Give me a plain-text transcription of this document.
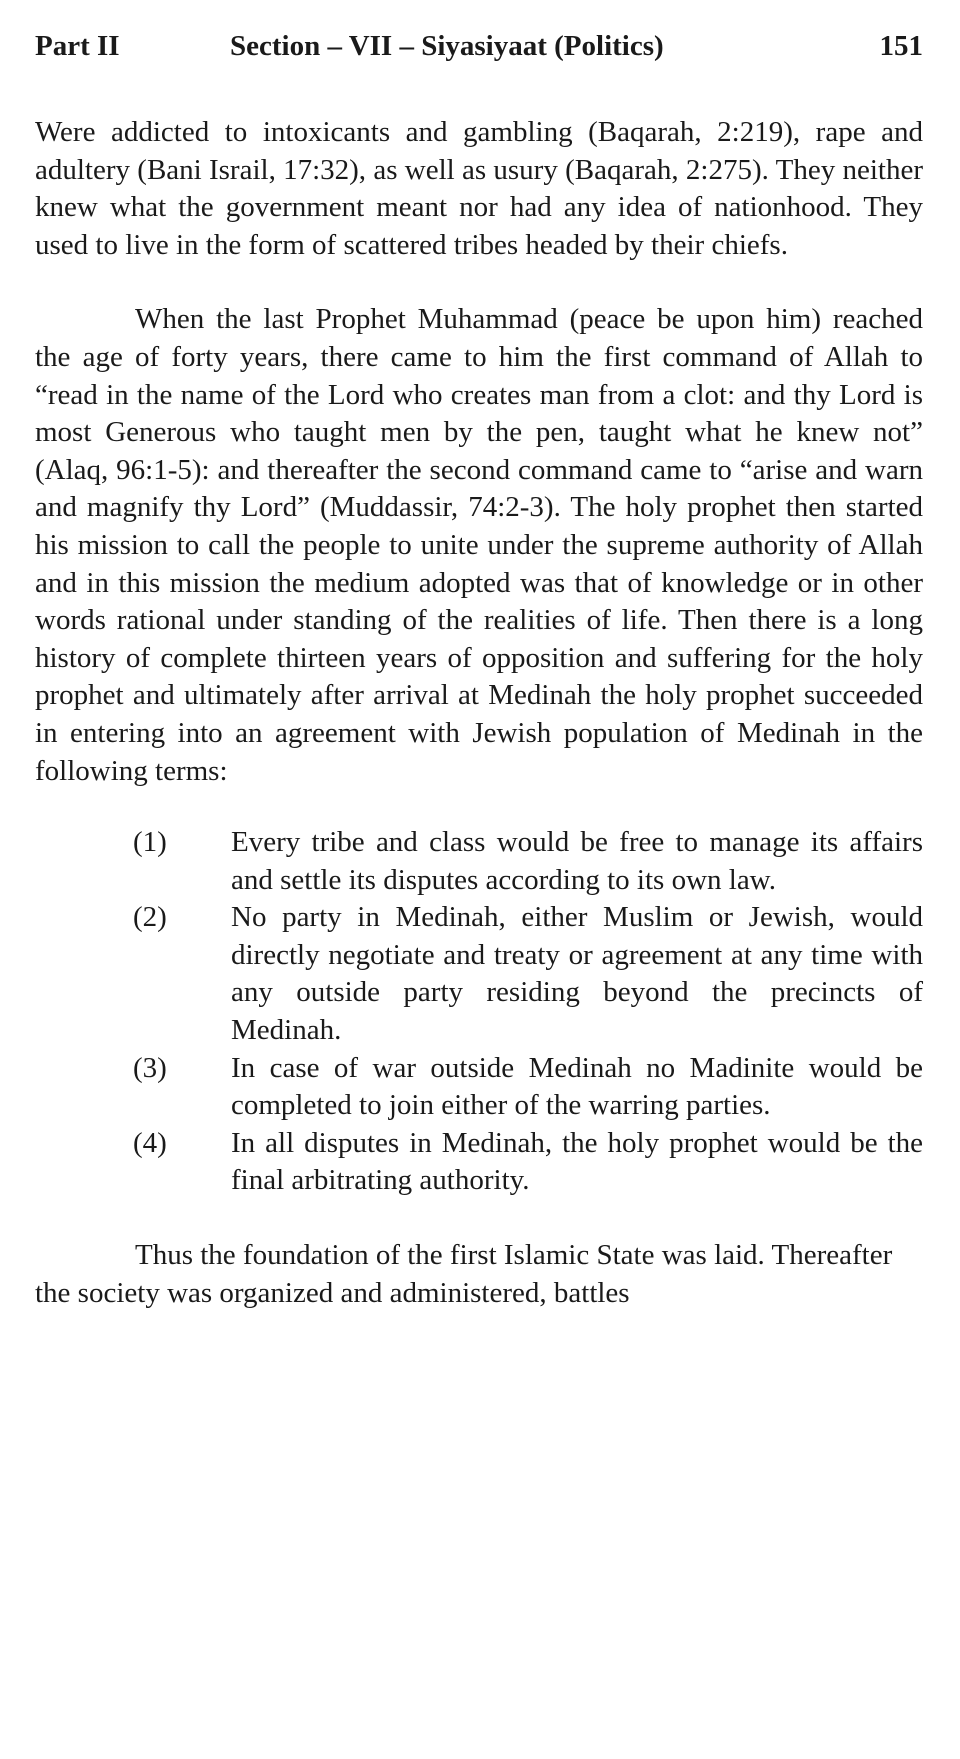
Part II	Section – VII – Siyasiyaat (Politics)	151

Were addicted to intoxicants and gambling (Baqarah, 2:219), rape and adultery (Bani Israil, 17:32), as well as usury (Baqarah, 2:275). They neither knew what the government meant nor had any idea of nationhood. They used to live in the form of scattered tribes headed by their chiefs.

When the last Prophet Muhammad (peace be upon him) reached the age of forty years, there came to him the first command of Allah to “read in the name of the Lord who creates man from a clot: and thy Lord is most Generous who taught men by the pen, taught what he knew not” (Alaq, 96:1-5): and thereafter the second command came to “arise and warn and magnify thy Lord” (Muddassir, 74:2-3). The holy prophet then started his mission to call the people to unite under the supreme authority of Allah and in this mission the medium adopted was that of knowledge or in other words rational under standing of the realities of life. Then there is a long history of complete thirteen years of opposition and suffering for the holy prophet and ultimately after arrival at Medinah the holy prophet succeeded in entering into an agreement with Jewish population of Medinah in the following terms:

(1)	Every tribe and class would be free to manage its affairs and settle its disputes according to its own law.
(2)	No party in Medinah, either Muslim or Jewish, would directly negotiate and treaty or agreement at any time with any outside party residing beyond the precincts of Medinah.
(3)	In case of war outside Medinah no Madinite would be completed to join either of the warring parties.
(4)	In all disputes in Medinah, the holy prophet would be the final arbitrating authority.

Thus the foundation of the first Islamic State was laid. Thereafter the society was organized and administered, battles
